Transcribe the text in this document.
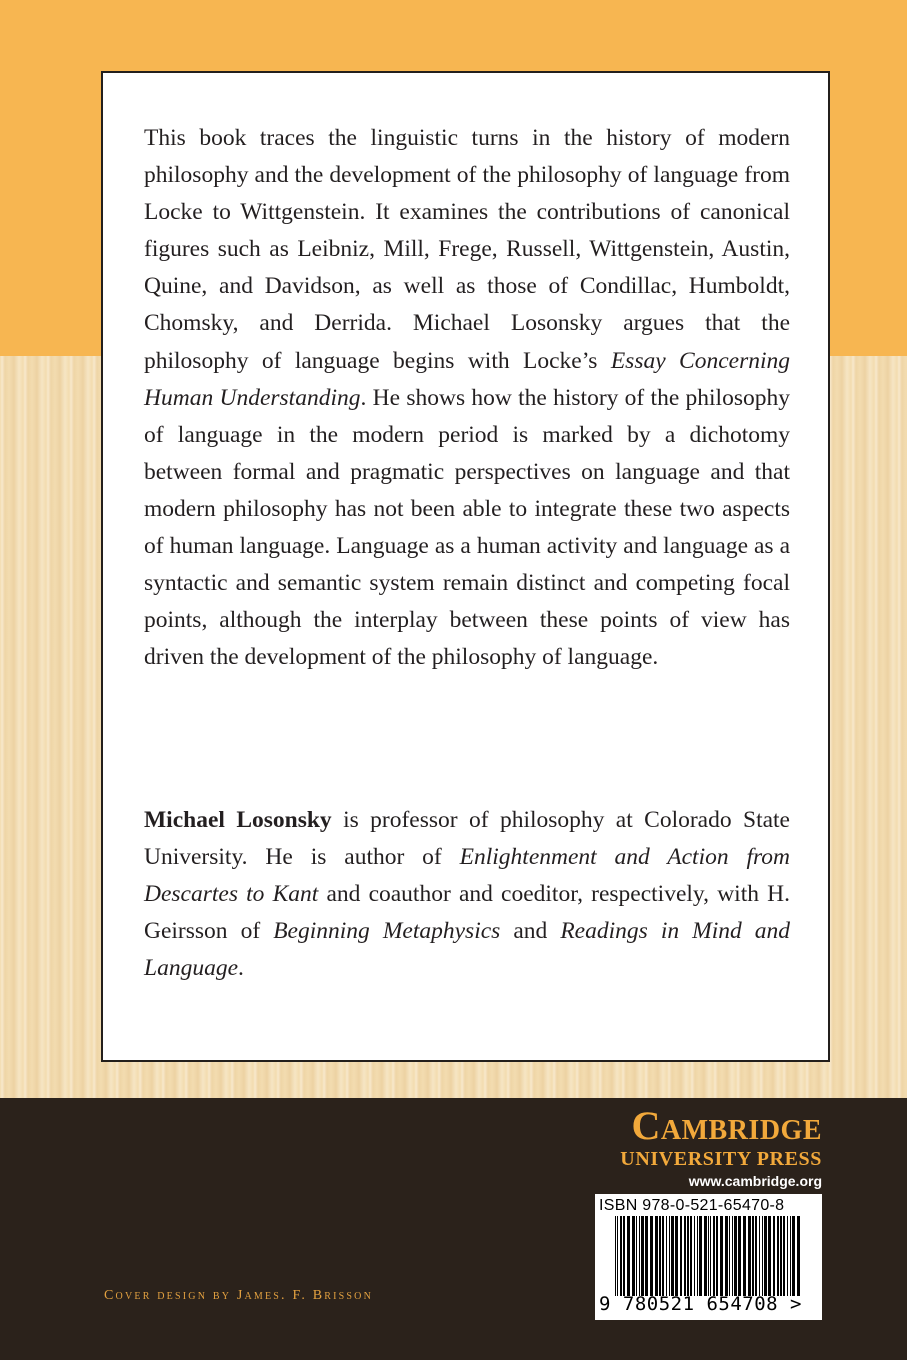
This book traces the linguistic turns in the history of modern philosophy and the development of the philosophy of language from Locke to Wittgenstein. It examines the contributions of canonical figures such as Leibniz, Mill, Frege, Russell, Wittgenstein, Austin, Quine, and Davidson, as well as those of Condillac, Humboldt, Chomsky, and Derrida. Michael Losonsky argues that the philosophy of language begins with Locke’s Essay Concerning Human Understanding. He shows how the history of the philosophy of language in the modern period is marked by a dichotomy between formal and pragmatic perspectives on language and that modern philosophy has not been able to integrate these two aspects of human language. Language as a human activity and language as a syntactic and semantic system remain distinct and competing focal points, although the interplay between these points of view has driven the development of the philosophy of language.

Michael Losonsky is professor of philosophy at Colorado State University. He is author of Enlightenment and Action from Descartes to Kant and coauthor and coeditor, respectively, with H. Geirsson of Beginning Metaphysics and Readings in Mind and Language.

Cambridge
UNIVERSITY PRESS
www.cambridge.org
ISBN 978-0-521-65470-8
9 780521 654708 >
Cover design by James. F. Brisson
